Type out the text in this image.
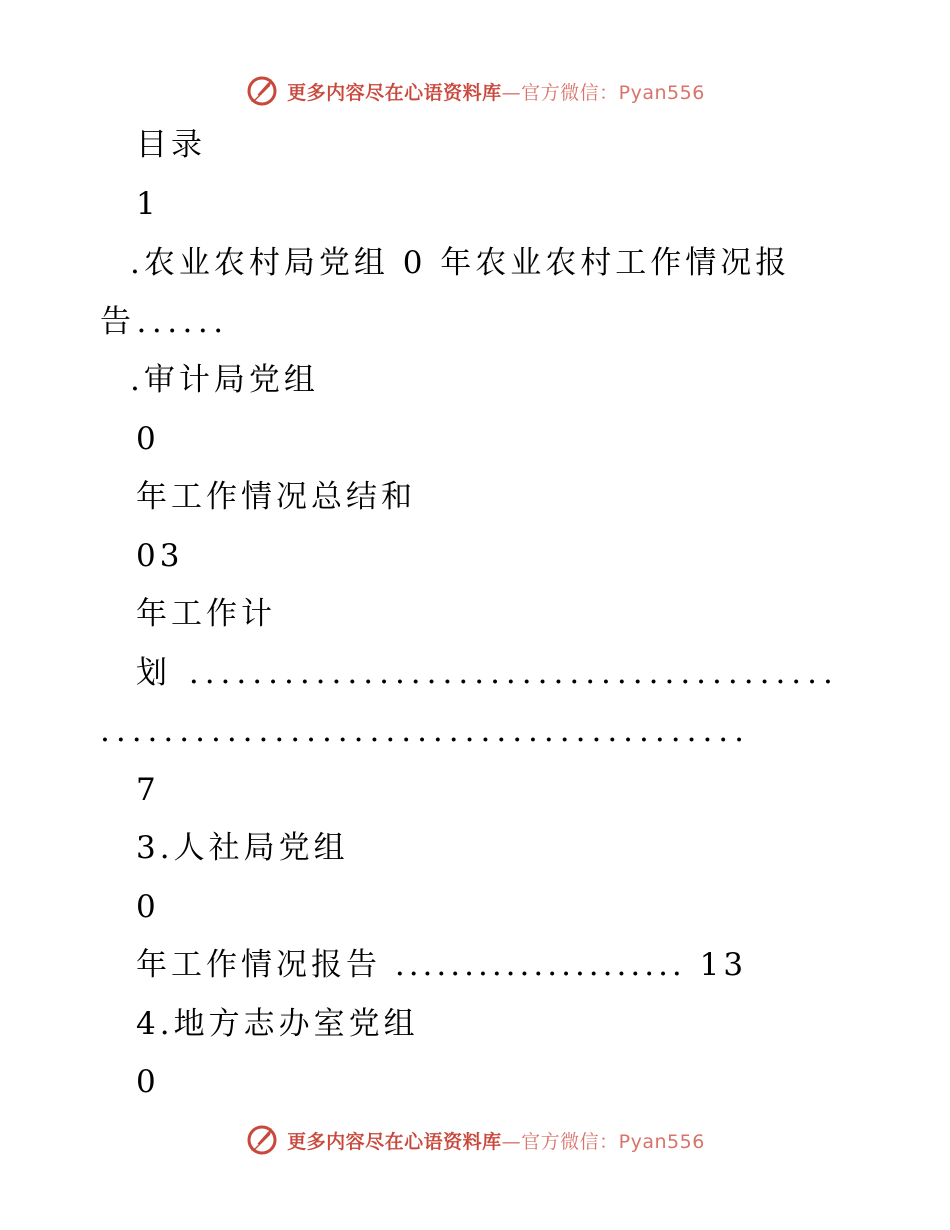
更多内容尽在心语资料库—官方微信：Pyan556
目录
1
.农业农村局党组 0 年农业农村工作情况报
告......
.审计局党组
0
年工作情况总结和
03
年工作计
划 .........................................
.........................................
7
3.人社局党组
0
年工作情况报告 ..................... 13
4.地方志办室党组
0
更多内容尽在心语资料库—官方微信：Pyan556
